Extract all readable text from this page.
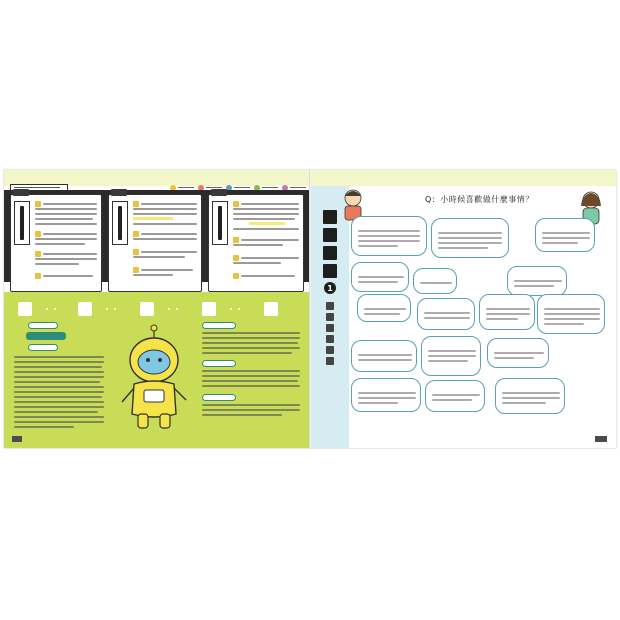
1
Q：小時候喜歡做什麼事情？
